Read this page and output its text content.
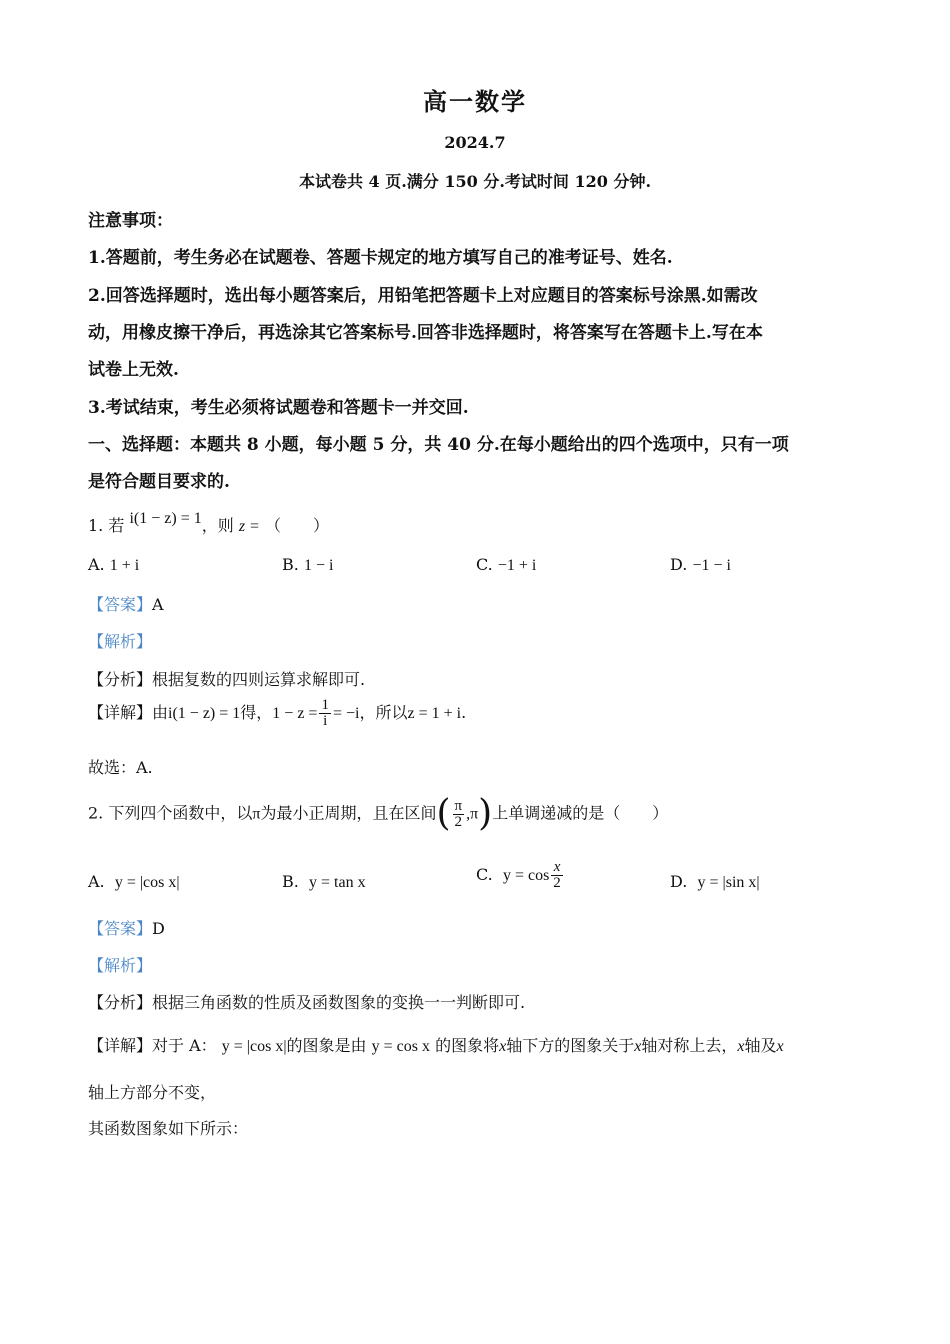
高一数学
2024.7
本试卷共 4 页.满分 150 分.考试时间 120 分钟.
注意事项：
1.答题前，考生务必在试题卷、答题卡规定的地方填写自己的准考证号、姓名.
2.回答选择题时，选出每小题答案后，用铅笔把答题卡上对应题目的答案标号涂黑.如需改
动，用橡皮擦干净后，再选涂其它答案标号.回答非选择题时，将答案写在答题卡上.写在本
试卷上无效.
3.考试结束，考生必须将试题卷和答题卡一并交回.
一、选择题：本题共 8 小题，每小题 5 分，共 40 分.在每小题给出的四个选项中，只有一项
是符合题目要求的.
1. 若 i(1 − z) = 1，则 z = （　　）
A. 1 + i	B. 1 − i	C. −1 + i	D. −1 − i
【答案】A
【解析】
【分析】根据复数的四则运算求解即可.
【详解】由i(1 − z) = 1得，$1 - z = \frac{1}{i} = -i$，所以z = 1 + i.
故选：A.
2. 下列四个函数中，以π为最小正周期，且在区间( $\frac{\pi}{2} ,\pi$)上单调递减的是（　　）
A. y = |cos x|	B. y = tan x	C. $y = \cos \frac{x}{2}$	D. y = |sin x|
【答案】D
【解析】
【分析】根据三角函数的性质及函数图象的变换一一判断即可.
【详解】对于 A： y = |cos x|的图象是由 y = cos x 的图象将x轴下方的图象关于x轴对称上去，x轴及x
轴上方部分不变，
其函数图象如下所示：
